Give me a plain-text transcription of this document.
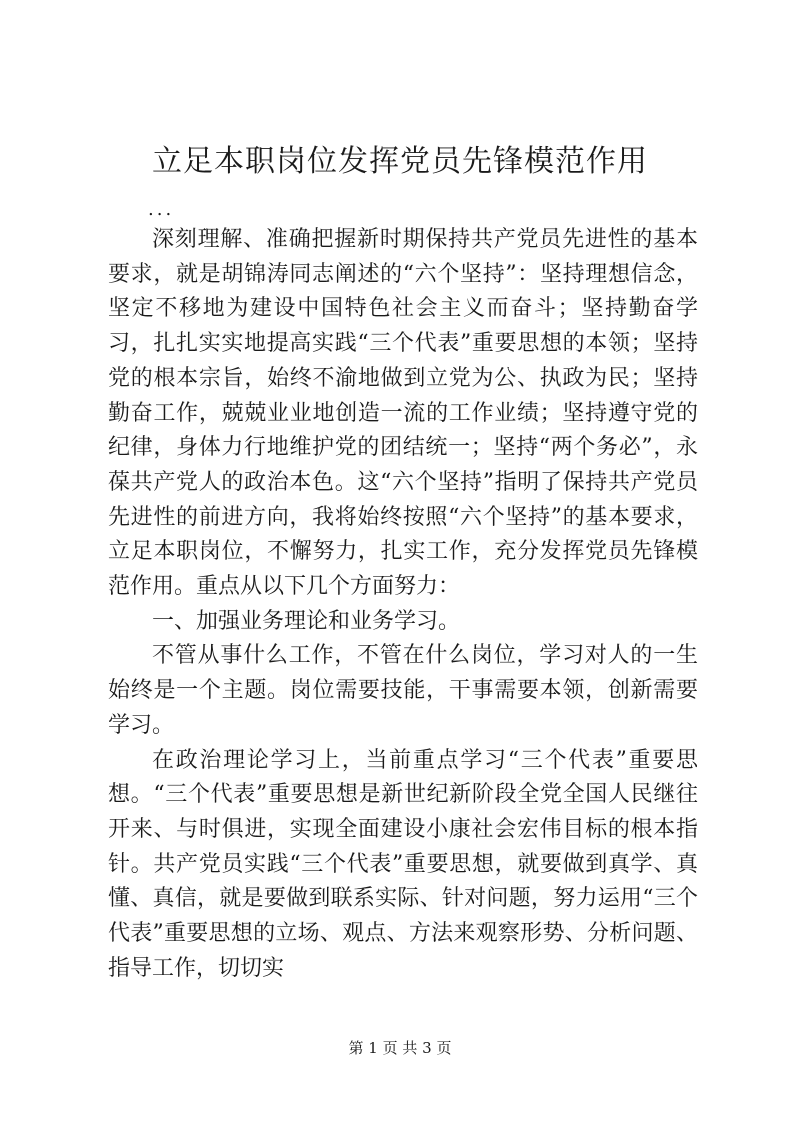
立足本职岗位发挥党员先锋模范作用
...

深刻理解、准确把握新时期保持共产党员先进性的基本要求，就是胡锦涛同志阐述的“六个坚持”：坚持理想信念，坚定不移地为建设中国特色社会主义而奋斗；坚持勤奋学习，扎扎实实地提高实践“三个代表”重要思想的本领；坚持党的根本宗旨，始终不渝地做到立党为公、执政为民；坚持勤奋工作，兢兢业业地创造一流的工作业绩；坚持遵守党的纪律，身体力行地维护党的团结统一；坚持“两个务必”，永葆共产党人的政治本色。这“六个坚持”指明了保持共产党员先进性的前进方向，我将始终按照“六个坚持”的基本要求，立足本职岗位，不懈努力，扎实工作，充分发挥党员先锋模范作用。重点从以下几个方面努力：

一、加强业务理论和业务学习。

不管从事什么工作，不管在什么岗位，学习对人的一生始终是一个主题。岗位需要技能，干事需要本领，创新需要学习。

在政治理论学习上，当前重点学习“三个代表”重要思想。“三个代表”重要思想是新世纪新阶段全党全国人民继往开来、与时俱进，实现全面建设小康社会宏伟目标的根本指针。共产党员实践“三个代表”重要思想，就要做到真学、真懂、真信，就是要做到联系实际、针对问题，努力运用“三个代表”重要思想的立场、观点、方法来观察形势、分析问题、指导工作，切切实

第 1 页 共 3 页
